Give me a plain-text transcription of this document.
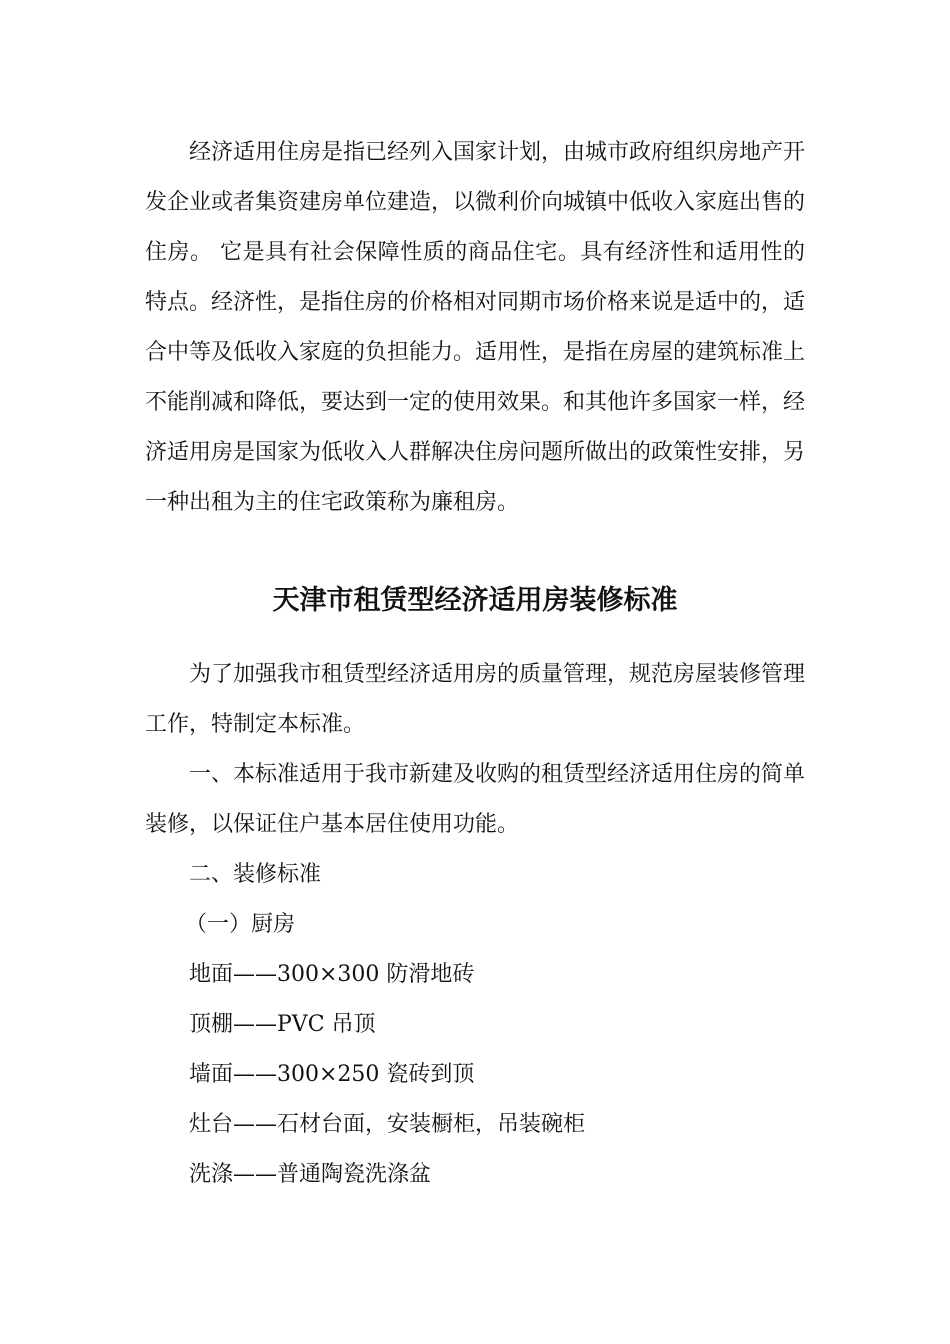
经济适用住房是指已经列入国家计划，由城市政府组织房地产开发企业或者集资建房单位建造，以微利价向城镇中低收入家庭出售的住房。 它是具有社会保障性质的商品住宅。具有经济性和适用性的特点。经济性，是指住房的价格相对同期市场价格来说是适中的，适合中等及低收入家庭的负担能力。适用性，是指在房屋的建筑标准上不能削减和降低，要达到一定的使用效果。和其他许多国家一样，经济适用房是国家为低收入人群解决住房问题所做出的政策性安排，另一种出租为主的住宅政策称为廉租房。

天津市租赁型经济适用房装修标准

为了加强我市租赁型经济适用房的质量管理，规范房屋装修管理工作，特制定本标准。

一、本标准适用于我市新建及收购的租赁型经济适用住房的简单装修，以保证住户基本居住使用功能。

二、装修标准

（一）厨房

地面——300×300 防滑地砖

顶棚——PVC 吊顶

墙面——300×250 瓷砖到顶

灶台——石材台面，安装橱柜，吊装碗柜

洗涤——普通陶瓷洗涤盆
